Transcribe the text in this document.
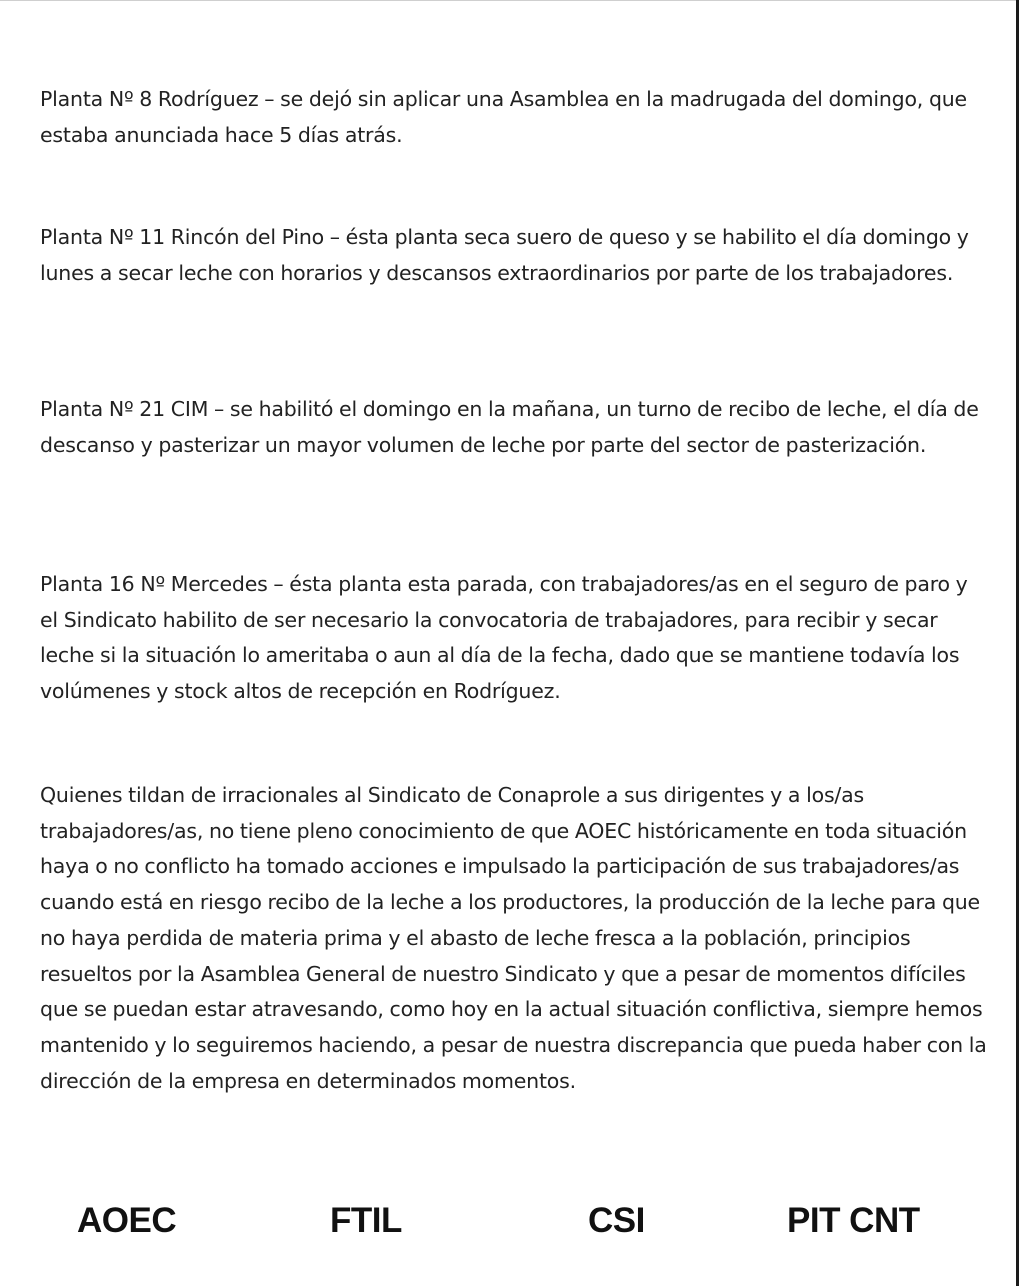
Planta Nº 8 Rodríguez – se dejó sin aplicar una Asamblea en la madrugada del domingo, que estaba anunciada hace 5 días atrás.

Planta Nº 11 Rincón del Pino – ésta planta seca suero de queso y se habilito el día domingo y lunes a secar leche con horarios y descansos extraordinarios por parte de los trabajadores.

Planta Nº 21 CIM – se habilitó el domingo en la mañana, un turno de recibo de leche, el día de descanso y pasterizar un mayor volumen de leche por parte del sector de pasterización.

Planta 16 Nº Mercedes – ésta planta esta parada, con trabajadores/as en el seguro de paro y el Sindicato habilito de ser necesario la convocatoria de trabajadores, para recibir y secar leche si la situación lo ameritaba o aun al día de la fecha, dado que se mantiene todavía los volúmenes y stock altos de recepción en Rodríguez.

Quienes tildan de irracionales al Sindicato de Conaprole a sus dirigentes y a los/as trabajadores/as, no tiene pleno conocimiento de que AOEC históricamente en toda situación haya o no conflicto ha tomado acciones e impulsado la participación de sus trabajadores/as cuando está en riesgo recibo de la leche a los productores, la producción de la leche para que no haya perdida de materia prima y el abasto de leche fresca a la población, principios resueltos por la Asamblea General de nuestro Sindicato y que a pesar de momentos difíciles que se puedan estar atravesando, como hoy en la actual situación conflictiva, siempre hemos mantenido y lo seguiremos haciendo, a pesar de nuestra discrepancia que pueda haber con la dirección de la empresa en determinados momentos.

AOEC	FTIL	CSI	PIT CNT
